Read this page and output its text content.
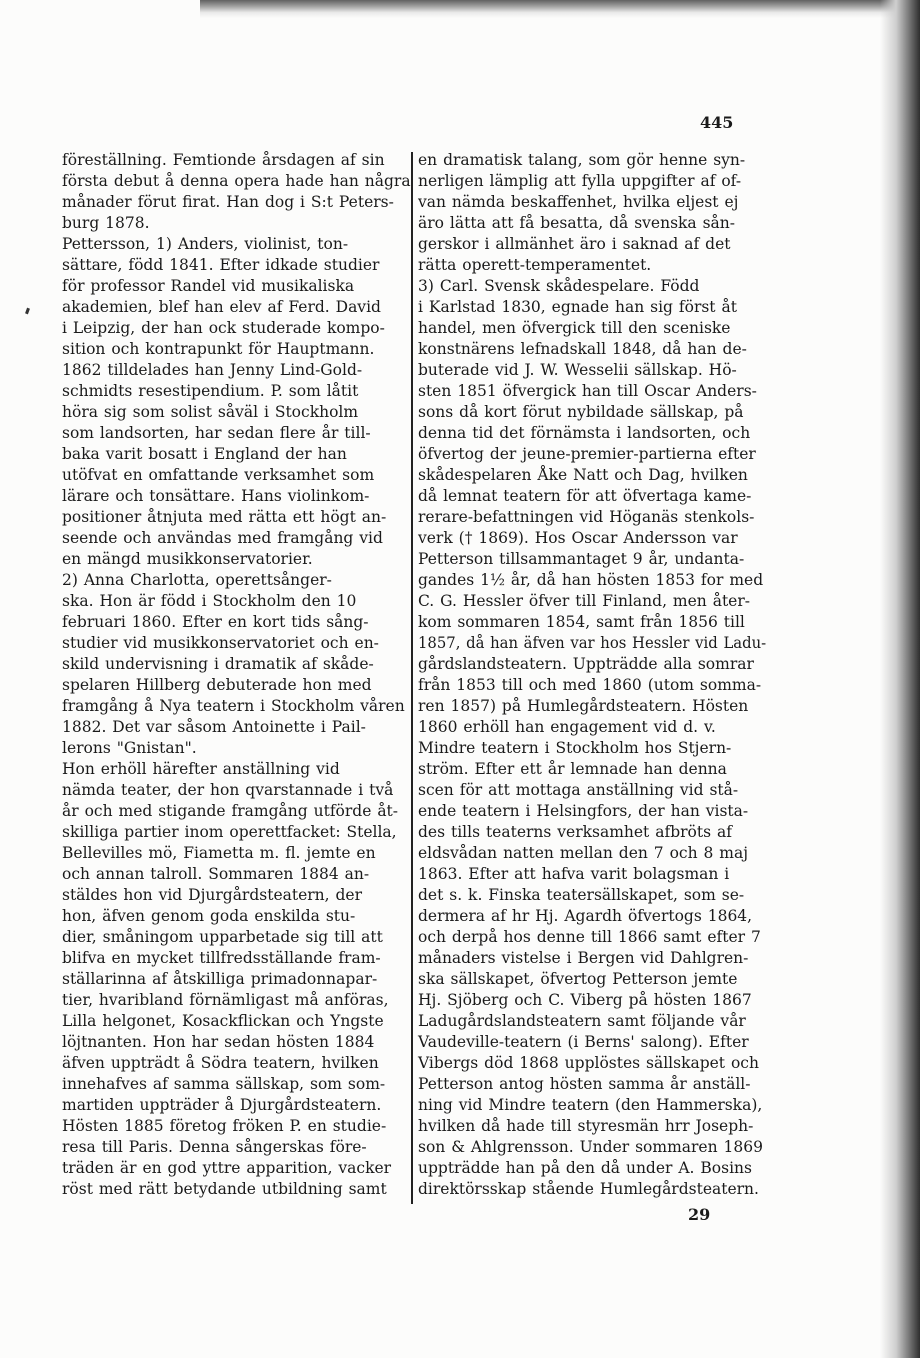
445
föreställning. Femtionde årsdagen af sin
första debut å denna opera hade han några
månader förut firat. Han dog i S:t Peters-
burg 1878.
Pettersson, 1) Anders, violinist, ton-
sättare, född 1841. Efter idkade studier
för professor Randel vid musikaliska
akademien, blef han elev af Ferd. David
i Leipzig, der han ock studerade kompo-
sition och kontrapunkt för Hauptmann.
1862 tilldelades han Jenny Lind-Gold-
schmidts resestipendium. P. som låtit
höra sig som solist såväl i Stockholm
som landsorten, har sedan flere år till-
baka varit bosatt i England der han
utöfvat en omfattande verksamhet som
lärare och tonsättare. Hans violinkom-
positioner åtnjuta med rätta ett högt an-
seende och användas med framgång vid
en mängd musikkonservatorier.
2) Anna Charlotta, operettsånger-
ska. Hon är född i Stockholm den 10
februari 1860. Efter en kort tids sång-
studier vid musikkonservatoriet och en-
skild undervisning i dramatik af skåde-
spelaren Hillberg debuterade hon med
framgång å Nya teatern i Stockholm våren
1882. Det var såsom Antoinette i Pail-
lerons "Gnistan".
Hon erhöll härefter anställning vid
nämda teater, der hon qvarstannade i två
år och med stigande framgång utförde åt-
skilliga partier inom operettfacket: Stella,
Bellevilles mö, Fiametta m. fl. jemte en
och annan talroll. Sommaren 1884 an-
stäldes hon vid Djurgårdsteatern, der
hon, äfven genom goda enskilda stu-
dier, småningom upparbetade sig till att
blifva en mycket tillfredsställande fram-
ställarinna af åtskilliga primadonnapar-
tier, hvaribland förnämligast må anföras,
Lilla helgonet, Kosackflickan och Yngste
löjtnanten. Hon har sedan hösten 1884
äfven uppträdt å Södra teatern, hvilken
innehafves af samma sällskap, som som-
martiden uppträder å Djurgårdsteatern.
Hösten 1885 företog fröken P. en studie-
resa till Paris. Denna sångerskas före-
träden är en god yttre apparition, vacker
röst med rätt betydande utbildning samt
en dramatisk talang, som gör henne syn-
nerligen lämplig att fylla uppgifter af of-
van nämda beskaffenhet, hvilka eljest ej
äro lätta att få besatta, då svenska sån-
gerskor i allmänhet äro i saknad af det
rätta operett-temperamentet.
3) Carl. Svensk skådespelare. Född
i Karlstad 1830, egnade han sig först åt
handel, men öfvergick till den sceniske
konstnärens lefnadskall 1848, då han de-
buterade vid J. W. Wesselii sällskap. Hö-
sten 1851 öfvergick han till Oscar Anders-
sons då kort förut nybildade sällskap, på
denna tid det förnämsta i landsorten, och
öfvertog der jeune-premier-partierna efter
skådespelaren Åke Natt och Dag, hvilken
då lemnat teatern för att öfvertaga kame-
rerare-befattningen vid Höganäs stenkols-
verk († 1869). Hos Oscar Andersson var
Petterson tillsammantaget 9 år, undanta-
gandes 1½ år, då han hösten 1853 for med
C. G. Hessler öfver till Finland, men åter-
kom sommaren 1854, samt från 1856 till
1857, då han äfven var hos Hessler vid Ladu-
gårdslandsteatern. Uppträdde alla somrar
från 1853 till och med 1860 (utom somma-
ren 1857) på Humlegårdsteatern. Hösten
1860 erhöll han engagement vid d. v.
Mindre teatern i Stockholm hos Stjern-
ström. Efter ett år lemnade han denna
scen för att mottaga anställning vid stå-
ende teatern i Helsingfors, der han vista-
des tills teaterns verksamhet afbröts af
eldsvådan natten mellan den 7 och 8 maj
1863. Efter att hafva varit bolagsman i
det s. k. Finska teatersällskapet, som se-
dermera af hr Hj. Agardh öfvertogs 1864,
och derpå hos denne till 1866 samt efter 7
månaders vistelse i Bergen vid Dahlgren-
ska sällskapet, öfvertog Petterson jemte
Hj. Sjöberg och C. Viberg på hösten 1867
Ladugårdslandsteatern samt följande vår
Vaudeville-teatern (i Berns' salong). Efter
Vibergs död 1868 upplöstes sällskapet och
Petterson antog hösten samma år anställ-
ning vid Mindre teatern (den Hammerska),
hvilken då hade till styresmän hrr Joseph-
son & Ahlgrensson. Under sommaren 1869
uppträdde han på den då under A. Bosins
direktörsskap stående Humlegårdsteatern.
29
